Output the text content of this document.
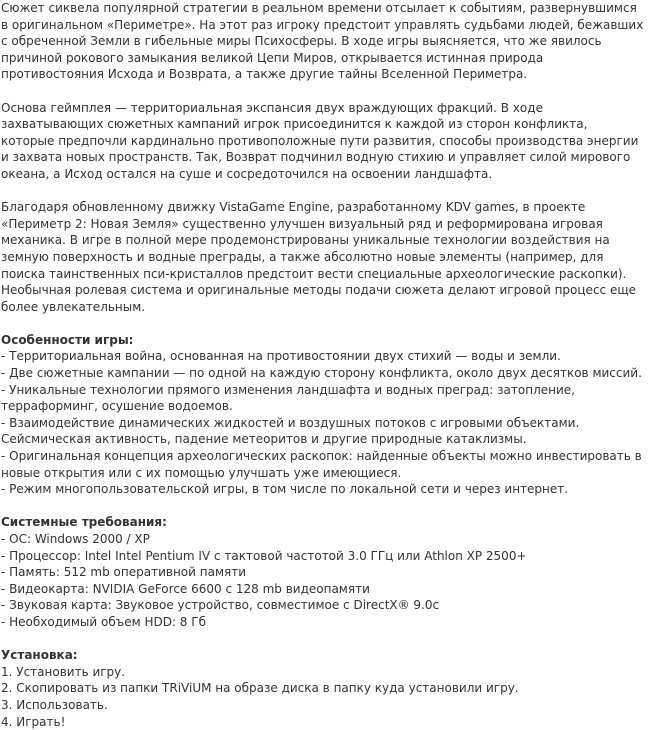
Сюжет сиквела популярной стратегии в реальном времени отсылает к событиям, развернувшимся в оригинальном «Периметре». На этот раз игроку предстоит управлять судьбами людей, бежавших с обреченной Земли в гибельные миры Психосферы. В ходе игры выясняется, что же явилось причиной рокового замыкания великой Цепи Миров, открывается истинная природа противостояния Исхода и Возврата, а также другие тайны Вселенной Периметра.

Основа геймплея — территориальная экспансия двух враждующих фракций. В ходе захватывающих сюжетных кампаний игрок присоединится к каждой из сторон конфликта, которые предпочли кардинально противоположные пути развития, способы производства энергии и захвата новых пространств. Так, Возврат подчинил водную стихию и управляет силой мирового океана, а Исход остался на суше и сосредоточился на освоении ландшафта.

Благодаря обновленному движку VistaGame Engine, разработанному KDV games, в проекте «Периметр 2: Новая Земля» существенно улучшен визуальный ряд и реформирована игровая механика. В игре в полной мере продемонстрированы уникальные технологии воздействия на земную поверхность и водные преграды, а также абсолютно новые элементы (например, для поиска таинственных пси-кристаллов предстоит вести специальные археологические раскопки). Необычная ролевая система и оригинальные методы подачи сюжета делают игровой процесс еще более увлекательным.

Особенности игры:

- Территориальная война, основанная на противостоянии двух стихий — воды и земли.
- Две сюжетные кампании — по одной на каждую сторону конфликта, около двух десятков миссий.
- Уникальные технологии прямого изменения ландшафта и водных преград: затопление, терраформинг, осушение водоемов.
- Взаимодействие динамических жидкостей и воздушных потоков с игровыми объектами. Сейсмическая активность, падение метеоритов и другие природные катаклизмы.
- Оригинальная концепция археологических раскопок: найденные объекты можно инвестировать в новые открытия или с их помощью улучшать уже имеющиеся.
- Режим многопользовательской игры, в том числе по локальной сети и через интернет.

Системные требования:

- ОС: Windows 2000 / XP
- Процессор: Intel Intel Pentium IV с тактовой частотой 3.0 ГГц или Athlon XP 2500+
- Память: 512 mb оперативной памяти
- Видеокарта: NVIDIA GeForce 6600 с 128 mb видеопамяти
- Звуковая карта: Звуковое устройство, совместимое с DirectX® 9.0c
- Необходимый объем HDD: 8 Гб

Установка:

1. Установить игру.
2. Скопировать из папки TRiViUM на образе диска в папку куда установили игру.
3. Использовать.
4. Играть!
